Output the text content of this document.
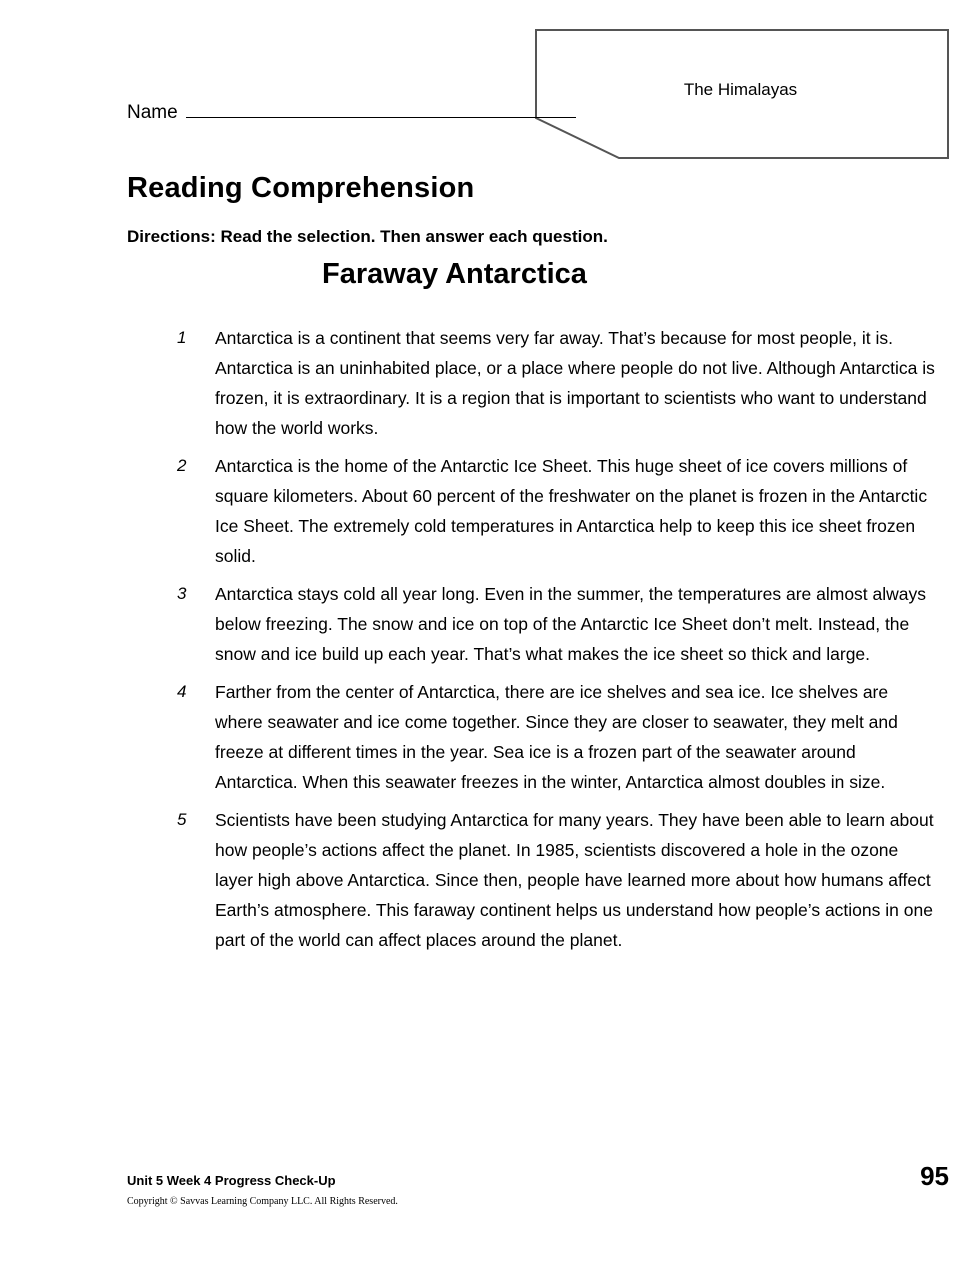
The Himalayas
Name
Reading Comprehension
Directions: Read the selection. Then answer each question.
Faraway Antarctica
1	Antarctica is a continent that seems very far away. That’s because for most people, it is. Antarctica is an uninhabited place, or a place where people do not live. Although Antarctica is frozen, it is extraordinary. It is a region that is important to scientists who want to understand how the world works.
2	Antarctica is the home of the Antarctic Ice Sheet. This huge sheet of ice covers millions of square kilometers. About 60 percent of the freshwater on the planet is frozen in the Antarctic Ice Sheet. The extremely cold temperatures in Antarctica help to keep this ice sheet frozen solid.
3	Antarctica stays cold all year long. Even in the summer, the temperatures are almost always below freezing. The snow and ice on top of the Antarctic Ice Sheet don’t melt. Instead, the snow and ice build up each year. That’s what makes the ice sheet so thick and large.
4	Farther from the center of Antarctica, there are ice shelves and sea ice. Ice shelves are where seawater and ice come together. Since they are closer to seawater, they melt and freeze at different times in the year. Sea ice is a frozen part of the seawater around Antarctica. When this seawater freezes in the winter, Antarctica almost doubles in size.
5	Scientists have been studying Antarctica for many years. They have been able to learn about how people’s actions affect the planet. In 1985, scientists discovered a hole in the ozone layer high above Antarctica. Since then, people have learned more about how humans affect Earth’s atmosphere. This faraway continent helps us understand how people’s actions in one part of the world can affect places around the planet.
Unit 5 Week 4 Progress Check-Up
Copyright © Savvas Learning Company LLC. All Rights Reserved.
95
